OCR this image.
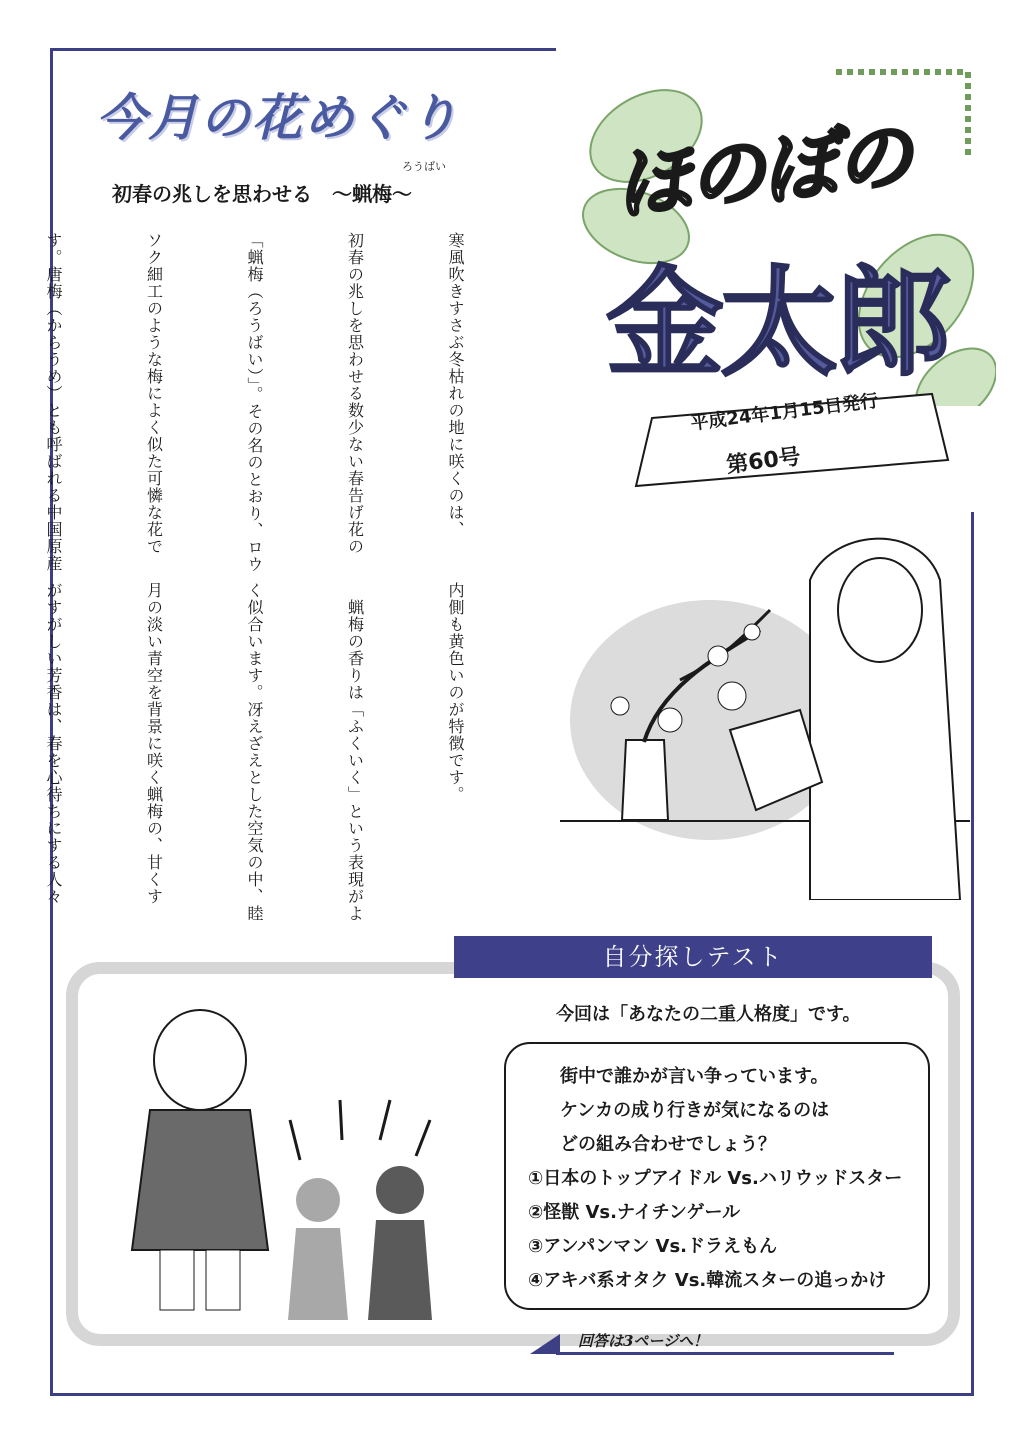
今月の花めぐり
ろうばい
初春の兆しを思わせる　～蝋梅～

寒風吹きすさぶ冬枯れの地に咲くのは、

初春の兆しを思わせる数少ない春告げ花の

「蝋梅（ろうばい）」。その名のとおり、ロウ

ソク細工のような梅によく似た可憐な花で

す。唐梅（からうめ）とも呼ばれる中国原産

内側も黄色いのが特徴です。

　蝋梅の香りは「ふくいく」という表現がよ

く似合います。冴えざえとした空気の中、睦

月の淡い青空を背景に咲く蝋梅の、甘くす

がすがしい芳香は、春を心待ちにする人々

ほのぼの
金太郎
平成24年1月15日発行
第60号
自分探しテスト
今回は「あなたの二重人格度」です。
街中で誰かが言い争っています。
ケンカの成り行きが気になるのは
どの組み合わせでしょう？
①日本のトップアイドル Vs.ハリウッドスター
②怪獣 Vs.ナイチンゲール
③アンパンマン Vs.ドラえもん
④アキバ系オタク Vs.韓流スターの追っかけ
回答は3ページへ！
